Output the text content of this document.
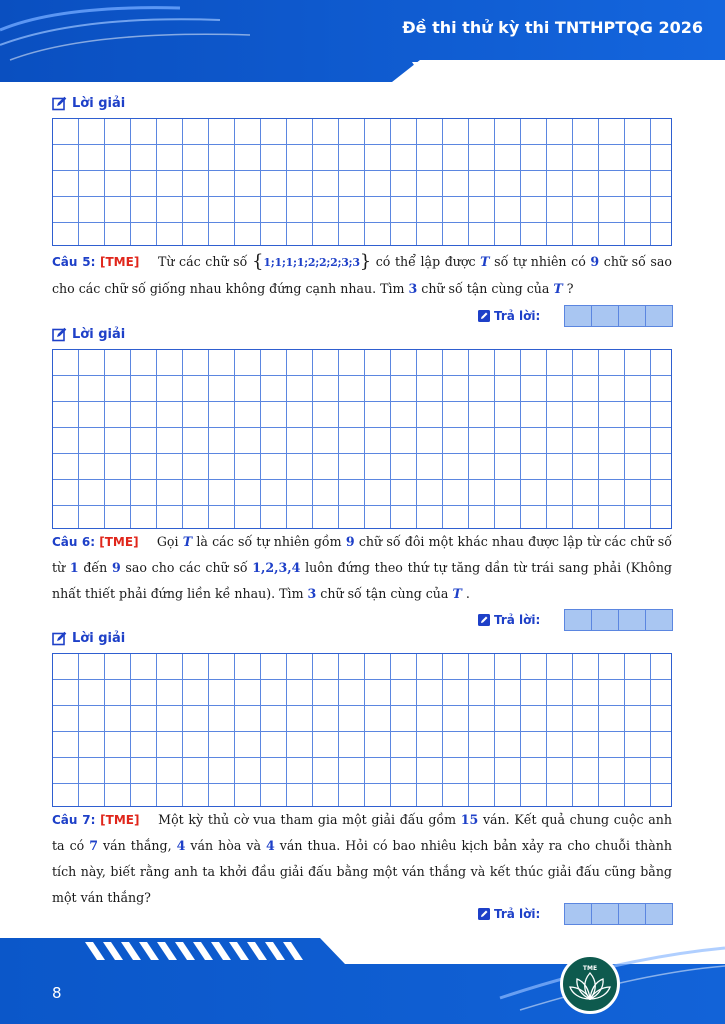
Đề thi thử kỳ thi TNTHPTQG 2026
Lời giải
Câu 5: [TME] Từ các chữ số {1;1;1;1;2;2;2;3;3} có thể lập được T số tự nhiên có 9 chữ số sao cho các chữ số giống nhau không đứng cạnh nhau. Tìm 3 chữ số tận cùng của T ?
Trả lời:
Lời giải
Câu 6: [TME] Gọi T là các số tự nhiên gồm 9 chữ số đôi một khác nhau được lập từ các chữ số từ 1 đến 9 sao cho các chữ số 1,2,3,4 luôn đứng theo thứ tự tăng dần từ trái sang phải (Không nhất thiết phải đứng liền kề nhau). Tìm 3 chữ số tận cùng của T .
Trả lời:
Lời giải
Câu 7: [TME] Một kỳ thủ cờ vua tham gia một giải đấu gồm 15 ván. Kết quả chung cuộc anh ta có 7 ván thắng, 4 ván hòa và 4 ván thua. Hỏi có bao nhiêu kịch bản xảy ra cho chuỗi thành tích này, biết rằng anh ta khởi đầu giải đấu bằng một ván thắng và kết thúc giải đấu cũng bằng một ván thắng?
Trả lời:
8
TME
